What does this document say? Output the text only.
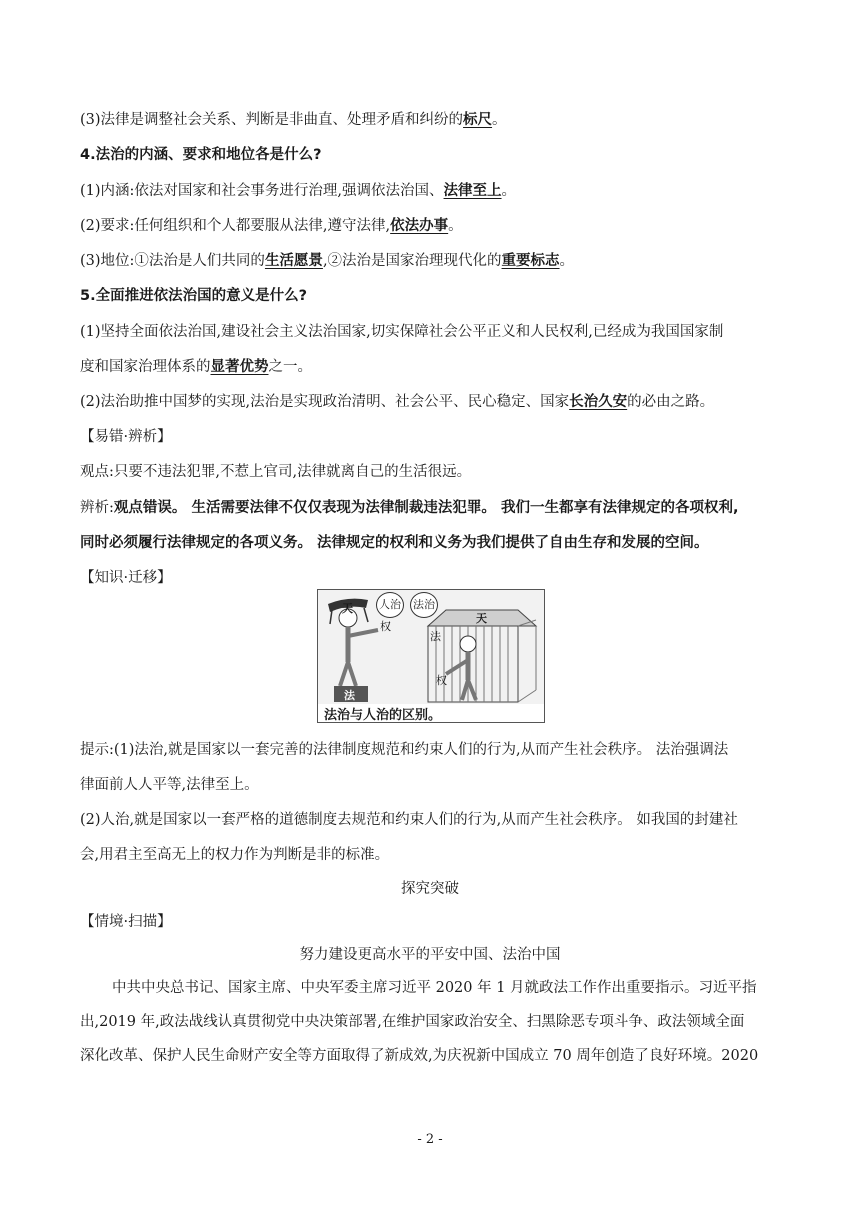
(3)法律是调整社会关系、判断是非曲直、处理矛盾和纠纷的标尺。
4.法治的内涵、要求和地位各是什么?
(1)内涵:依法对国家和社会事务进行治理,强调依法治国、法律至上。
(2)要求:任何组织和个人都要服从法律,遵守法律,依法办事。
(3)地位:①法治是人们共同的生活愿景,②法治是国家治理现代化的重要标志。
5.全面推进依法治国的意义是什么?
(1)坚持全面依法治国,建设社会主义法治国家,切实保障社会公平正义和人民权利,已经成为我国国家制
度和国家治理体系的显著优势之一。
(2)法治助推中国梦的实现,法治是实现政治清明、社会公平、民心稳定、国家长治久安的必由之路。
【易错·辨析】
观点:只要不违法犯罪,不惹上官司,法律就离自己的生活很远。
辨析:观点错误。 生活需要法律不仅仅表现为法律制裁违法犯罪。 我们一生都享有法律规定的各项权利,
同时必须履行法律规定的各项义务。 法律规定的权利和义务为我们提供了自由生存和发展的空间。
【知识·迁移】
人治 法治
天
权
法
天
法
权
法治与人治的区别。
提示:(1)法治,就是国家以一套完善的法律制度规范和约束人们的行为,从而产生社会秩序。 法治强调法
律面前人人平等,法律至上。
(2)人治,就是国家以一套严格的道德制度去规范和约束人们的行为,从而产生社会秩序。 如我国的封建社
会,用君主至高无上的权力作为判断是非的标准。
探究突破
【情境·扫描】
努力建设更高水平的平安中国、法治中国
中共中央总书记、国家主席、中央军委主席习近平 2020 年 1 月就政法工作作出重要指示。习近平指
出,2019 年,政法战线认真贯彻党中央决策部署,在维护国家政治安全、扫黑除恶专项斗争、政法领域全面
深化改革、保护人民生命财产安全等方面取得了新成效,为庆祝新中国成立 70 周年创造了良好环境。2020
- 2 -
